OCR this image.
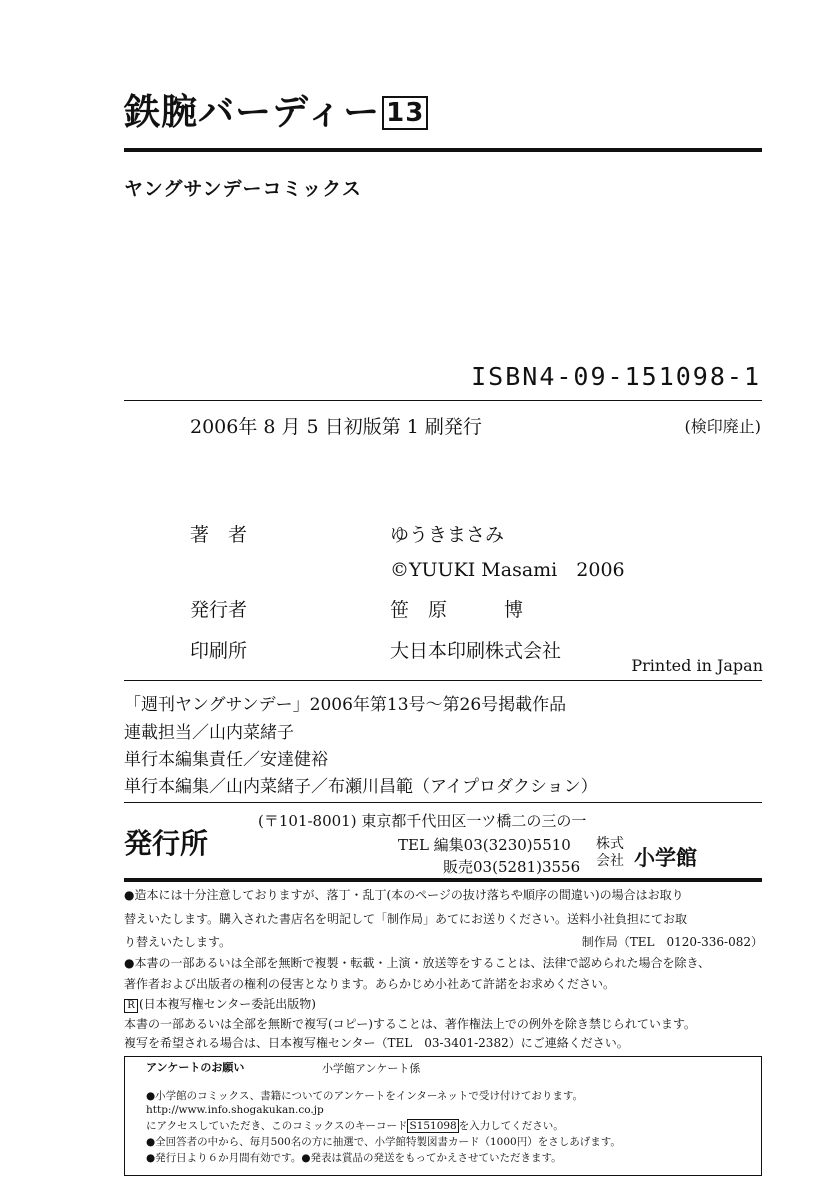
鉄腕バーディー 13
ヤングサンデーコミックス
ISBN4-09-151098-1
2006年 8 月 5 日初版第 1 刷発行	(検印廃止)
著　者	ゆうきまさみ
©YUUKI Masami　2006
発行者	笹　原　　　博
印刷所	大日本印刷株式会社
Printed in Japan
「週刊ヤングサンデー」2006年第13号～第26号掲載作品
連載担当／山内菜緒子
単行本編集責任／安達健裕
単行本編集／山内菜緒子／布瀬川昌範（アイプロダクション）
発行所
(〒101-8001) 東京都千代田区一ツ橋二の三の一
TEL 編集03(3230)5510
販売03(5281)3556
株式
会社 小学館
●造本には十分注意しておりますが、落丁・乱丁(本のページの抜け落ちや順序の間違い)の場合はお取り
替えいたします。購入された書店名を明記して「制作局」あてにお送りください。送料小社負担にてお取
り替えいたします。	制作局（TEL　0120-336-082）
●本書の一部あるいは全部を無断で複製・転載・上演・放送等をすることは、法律で認められた場合を除き、
著作者および出版者の権利の侵害となります。あらかじめ小社あて許諾をお求めください。
R (日本複写権センター委託出版物)
本書の一部あるいは全部を無断で複写(コピー)することは、著作権法上での例外を除き禁じられています。
複写を希望される場合は、日本複写権センター（TEL　03-3401-2382）にご連絡ください。
アンケートのお願い	小学館アンケート係
●小学館のコミックス、書籍についてのアンケートをインターネットで受け付けております。
http://www.info.shogakukan.co.jp
にアクセスしていただき、このコミックスのキーコード S151098 を入力してください。
●全回答者の中から、毎月500名の方に抽選で、小学館特製図書カード（1000円）をさしあげます。
●発行日より６か月間有効です。●発表は賞品の発送をもってかえさせていただきます。
